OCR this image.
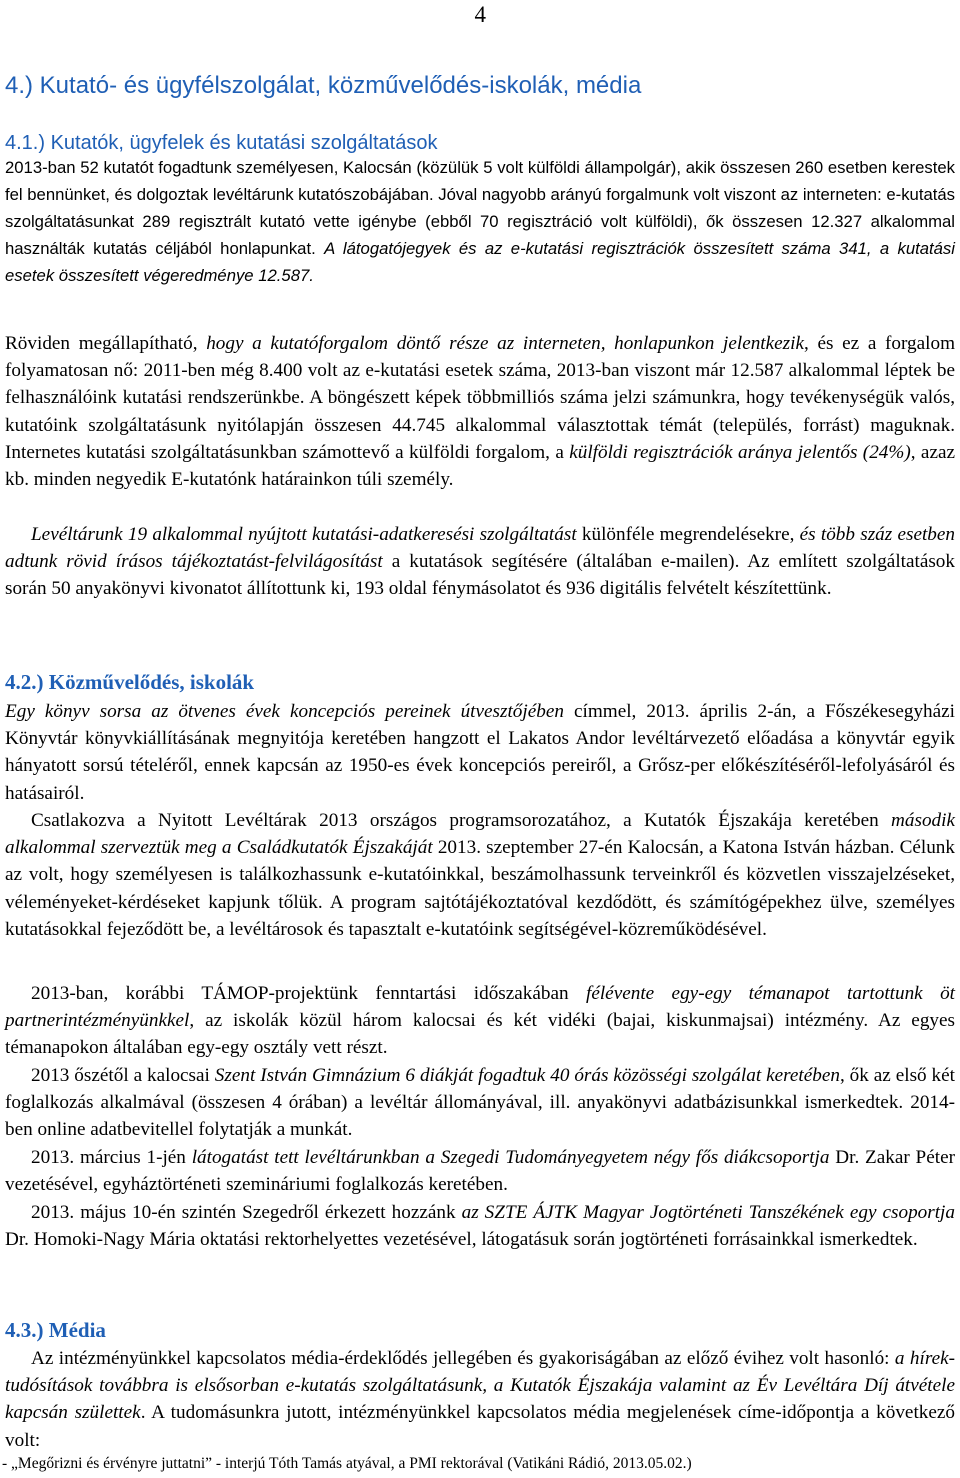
4
4.) Kutató- és ügyfélszolgálat, közművelődés-iskolák, média
4.1.) Kutatók, ügyfelek és kutatási szolgáltatások

2013-ban 52 kutatót fogadtunk személyesen, Kalocsán (közülük 5 volt külföldi állampolgár), akik összesen 260 esetben kerestek fel bennünket, és dolgoztak levéltárunk kutatószobájában. Jóval nagyobb arányú forgalmunk volt viszont az interneten: e-kutatás szolgáltatásunkat 289 regisztrált kutató vette igénybe (ebből 70 regisztráció volt külföldi), ők összesen 12.327 alkalommal használták kutatás céljából honlapunkat. A látogatójegyek és az e-kutatási regisztrációk összesített száma 341, a kutatási esetek összesített végeredménye 12.587.

Röviden megállapítható, hogy a kutatóforgalom döntő része az interneten, honlapunkon jelentkezik, és ez a forgalom folyamatosan nő: 2011-ben még 8.400 volt az e-kutatási esetek száma, 2013-ban viszont már 12.587 alkalommal léptek be felhasználóink kutatási rendszerünkbe. A böngészett képek többmilliós száma jelzi számunkra, hogy tevékenységük valós, kutatóink szolgáltatásunk nyitólapján összesen 44.745 alkalommal választottak témát (település, forrást) maguknak. Internetes kutatási szolgáltatásunkban számottevő a külföldi forgalom, a külföldi regisztrációk aránya jelentős (24%), azaz kb. minden negyedik E-kutatónk határainkon túli személy.

Levéltárunk 19 alkalommal nyújtott kutatási-adatkeresési szolgáltatást különféle megrendelésekre, és több száz esetben adtunk rövid írásos tájékoztatást-felvilágosítást a kutatások segítésére (általában e-mailen). Az említett szolgáltatások során 50 anyakönyvi kivonatot állítottunk ki, 193 oldal fénymásolatot és 936 digitális felvételt készítettünk.

4.2.) Közművelődés, iskolák

Egy könyv sorsa az ötvenes évek koncepciós pereinek útvesztőjében címmel, 2013. április 2-án, a Főszékesegyházi Könyvtár könyvkiállításának megnyitója keretében hangzott el Lakatos Andor levéltárvezető előadása a könyvtár egyik hányatott sorsú tételéről, ennek kapcsán az 1950-es évek koncepciós pereiről, a Grősz-per előkészítéséről-lefolyásáról és hatásairól.

Csatlakozva a Nyitott Levéltárak 2013 országos programsorozatához, a Kutatók Éjszakája keretében második alkalommal szerveztük meg a Családkutatók Éjszakáját 2013. szeptember 27-én Kalocsán, a Katona István házban. Célunk az volt, hogy személyesen is találkozhassunk e-kutatóinkkal, beszámolhassunk terveinkről és közvetlen visszajelzéseket, véleményeket-kérdéseket kapjunk tőlük. A program sajtótájékoztatóval kezdődött, és számítógépekhez ülve, személyes kutatásokkal fejeződött be, a levéltárosok és tapasztalt e-kutatóink segítségével-közreműködésével.

2013-ban, korábbi TÁMOP-projektünk fenntartási időszakában félévente egy-egy témanapot tartottunk öt partnerintézményünkkel, az iskolák közül három kalocsai és két vidéki (bajai, kiskunmajsai) intézmény. Az egyes témanapokon általában egy-egy osztály vett részt.

2013 őszétől a kalocsai Szent István Gimnázium 6 diákját fogadtuk 40 órás közösségi szolgálat keretében, ők az első két foglalkozás alkalmával (összesen 4 órában) a levéltár állományával, ill. anyakönyvi adatbázisunkkal ismerkedtek. 2014-ben online adatbevitellel folytatják a munkát.

2013. március 1-jén látogatást tett levéltárunkban a Szegedi Tudományegyetem négy fős diákcsoportja Dr. Zakar Péter vezetésével, egyháztörténeti szemináriumi foglalkozás keretében.

2013. május 10-én szintén Szegedről érkezett hozzánk az SZTE ÁJTK Magyar Jogtörténeti Tanszékének egy csoportja Dr. Homoki-Nagy Mária oktatási rektorhelyettes vezetésével, látogatásuk során jogtörténeti forrásainkkal ismerkedtek.

4.3.) Média

Az intézményünkkel kapcsolatos média-érdeklődés jellegében és gyakoriságában az előző évihez volt hasonló: a hírek-tudósítások továbbra is elsősorban e-kutatás szolgáltatásunk, a Kutatók Éjszakája valamint az Év Levéltára Díj átvétele kapcsán születtek. A tudomásunkra jutott, intézményünkkel kapcsolatos média megjelenések címe-időpontja a következő volt:

- „Megőrizni és érvényre juttatni” - interjú Tóth Tamás atyával, a PMI rektorával (Vatikáni Rádió, 2013.05.02.)
